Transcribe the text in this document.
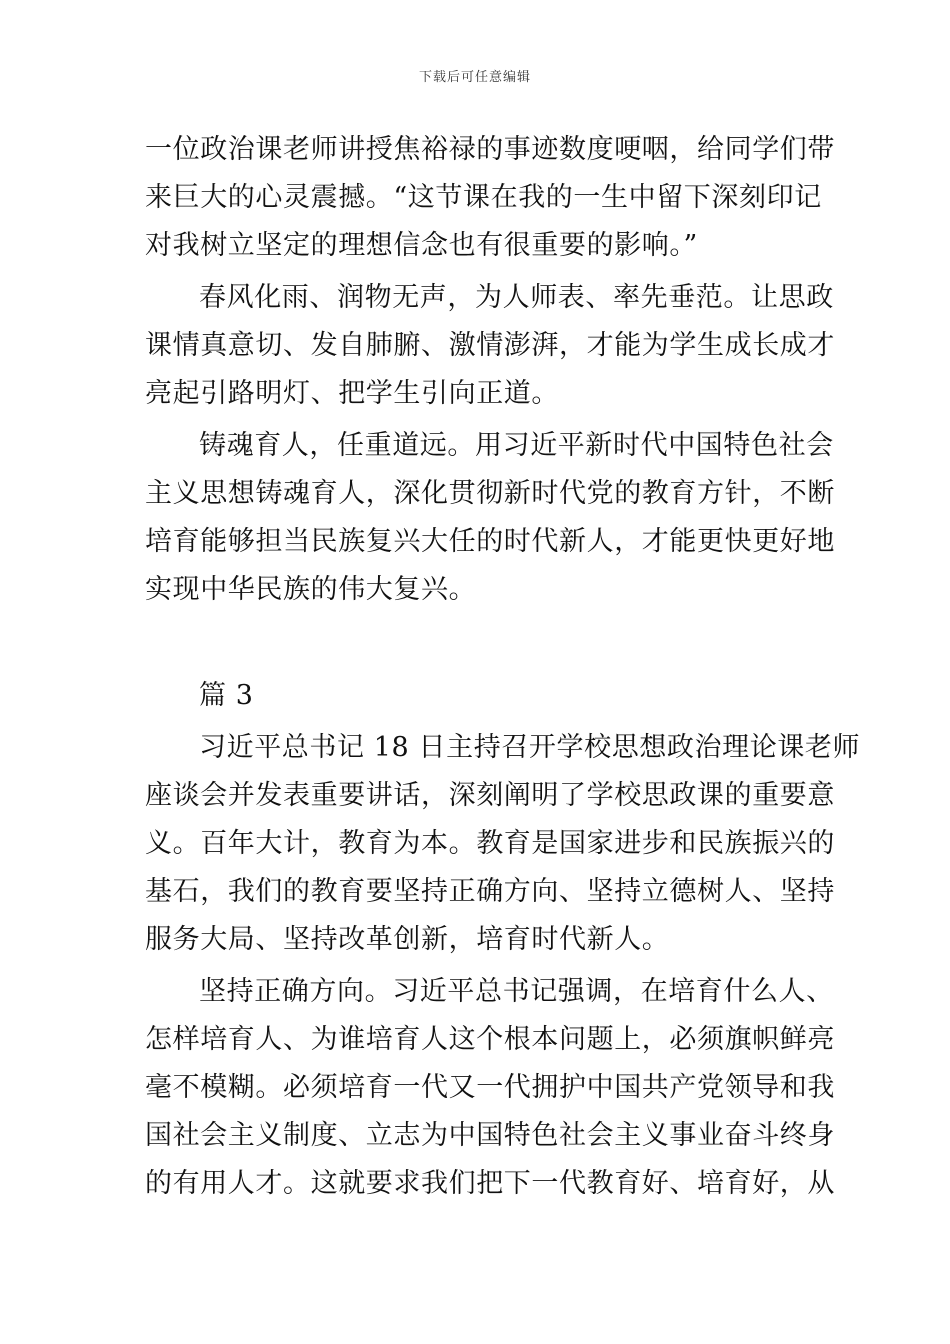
下载后可任意编辑
一位政治课老师讲授焦裕禄的事迹数度哽咽，给同学们带
来巨大的心灵震撼。“这节课在我的一生中留下深刻印记
对我树立坚定的理想信念也有很重要的影响。”
春风化雨、润物无声，为人师表、率先垂范。让思政
课情真意切、发自肺腑、激情澎湃，才能为学生成长成才
亮起引路明灯、把学生引向正道。
铸魂育人，任重道远。用习近平新时代中国特色社会
主义思想铸魂育人，深化贯彻新时代党的教育方针，不断
培育能够担当民族复兴大任的时代新人，才能更快更好地
实现中华民族的伟大复兴。
篇 3
习近平总书记 18 日主持召开学校思想政治理论课老师
座谈会并发表重要讲话，深刻阐明了学校思政课的重要意
义。百年大计，教育为本。教育是国家进步和民族振兴的
基石，我们的教育要坚持正确方向、坚持立德树人、坚持
服务大局、坚持改革创新，培育时代新人。
坚持正确方向。习近平总书记强调，在培育什么人、
怎样培育人、为谁培育人这个根本问题上，必须旗帜鲜亮
毫不模糊。必须培育一代又一代拥护中国共产党领导和我
国社会主义制度、立志为中国特色社会主义事业奋斗终身
的有用人才。这就要求我们把下一代教育好、培育好，从
